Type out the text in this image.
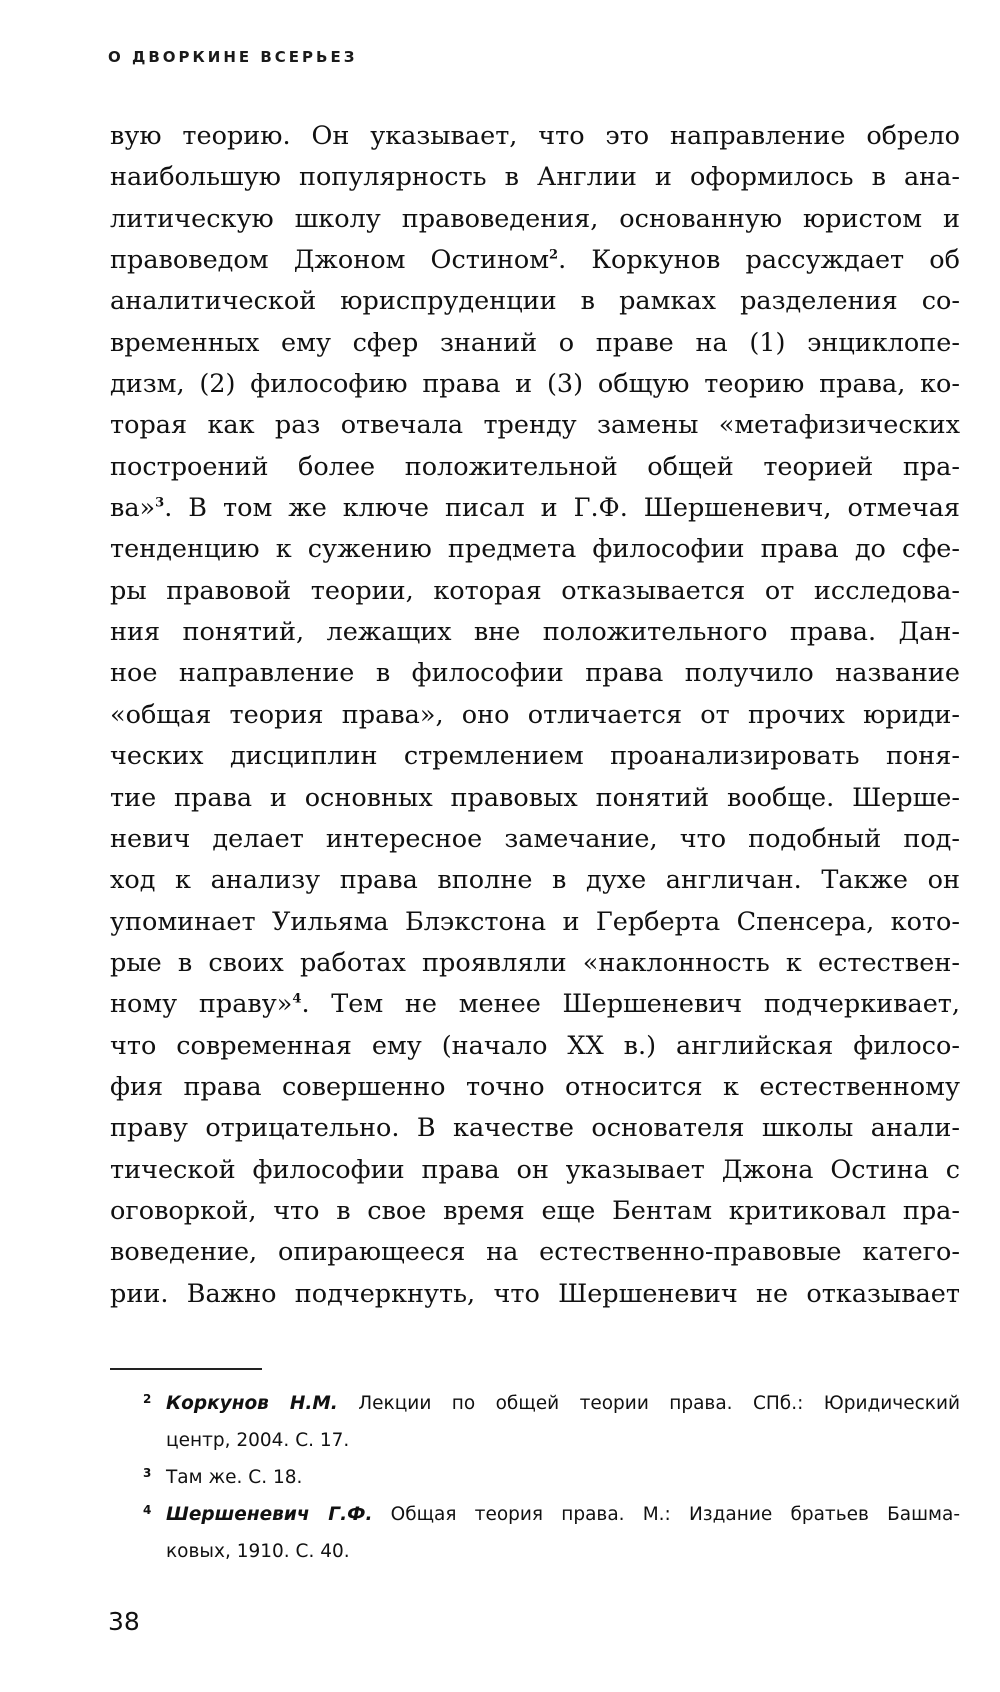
О ДВОРКИНЕ ВСЕРЬЕЗ
вую теорию. Он указывает, что это направление обрело
наибольшую популярность в Англии и оформилось в ана-
литическую школу правоведения, основанную юристом и
правоведом Джоном Остином$^2$. Коркунов рассуждает об
аналитической юриспруденции в рамках разделения со-
временных ему сфер знаний о праве на (1) энциклопе-
дизм, (2) философию права и (3) общую теорию права, ко-
торая как раз отвечала тренду замены «метафизических
построений более положительной общей теорией пра-
ва»$^3$. В том же ключе писал и Г.Ф. Шершеневич, отмечая
тенденцию к сужению предмета философии права до сфе-
ры правовой теории, которая отказывается от исследова-
ния понятий, лежащих вне положительного права. Дан-
ное направление в философии права получило название
«общая теория права», оно отличается от прочих юриди-
ческих дисциплин стремлением проанализировать поня-
тие права и основных правовых понятий вообще. Шерше-
невич делает интересное замечание, что подобный под-
ход к анализу права вполне в духе англичан. Также он
упоминает Уильяма Блэкстона и Герберта Спенсера, кото-
рые в своих работах проявляли «наклонность к естествен-
ному праву»$^4$. Тем не менее Шершеневич подчеркивает,
что современная ему (начало XX в.) английская филосо-
фия права совершенно точно относится к естественному
праву отрицательно. В качестве основателя школы анали-
тической философии права он указывает Джона Остина с
оговоркой, что в свое время еще Бентам критиковал пра-
воведение, опирающееся на естественно-правовые катего-
рии. Важно подчеркнуть, что Шершеневич не отказывает
2 Коркунов Н.М. Лекции по общей теории права. СПб.: Юридический
центр, 2004. С. 17.
3 Там же. С. 18.
4 Шершеневич Г.Ф. Общая теория права. М.: Издание братьев Башма-
ковых, 1910. С. 40.
38
